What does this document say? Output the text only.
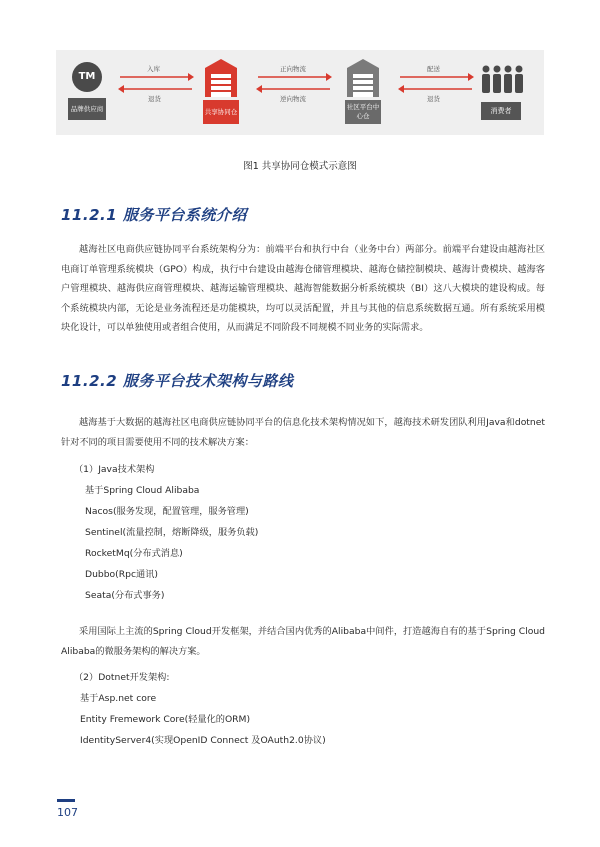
TM
品牌供应商
入库
退货
共享协同仓
正向物流
逆向物流
社区平台中心仓
配送
退货
消费者
图1 共享协同仓模式示意图
11.2.1 服务平台系统介绍

越海社区电商供应链协同平台系统架构分为：前端平台和执行中台（业务中台）两部分。前端平台建设由越海社区电商订单管理系统模块（GPO）构成，执行中台建设由越海仓储管理模块、越海仓储控制模块、越海计费模块、越海客户管理模块、越海供应商管理模块、越海运输管理模块、越海智能数据分析系统模块（BI）这八大模块的建设构成。每个系统模块内部，无论是业务流程还是功能模块，均可以灵活配置，并且与其他的信息系统数据互通。所有系统采用模块化设计，可以单独使用或者组合使用，从而满足不同阶段不同规模不同业务的实际需求。

11.2.2 服务平台技术架构与路线

越海基于大数据的越海社区电商供应链协同平台的信息化技术架构情况如下，越海技术研发团队利用Java和dotnet针对不同的项目需要使用不同的技术解决方案：

（1）Java技术架构

基于Spring Cloud Alibaba

Nacos(服务发现，配置管理，服务管理)

Sentinel(流量控制，熔断降级，服务负载)

RocketMq(分布式消息)

Dubbo(Rpc通讯)

Seata(分布式事务)

采用国际上主流的Spring Cloud开发框架，并结合国内优秀的Alibaba中间件，打造越海自有的基于Spring Cloud Alibaba的微服务架构的解决方案。

（2）Dotnet开发架构:

基于Asp.net core

Entity Fremework Core(轻量化的ORM)

IdentityServer4(实现OpenID Connect 及OAuth2.0协议)

107
